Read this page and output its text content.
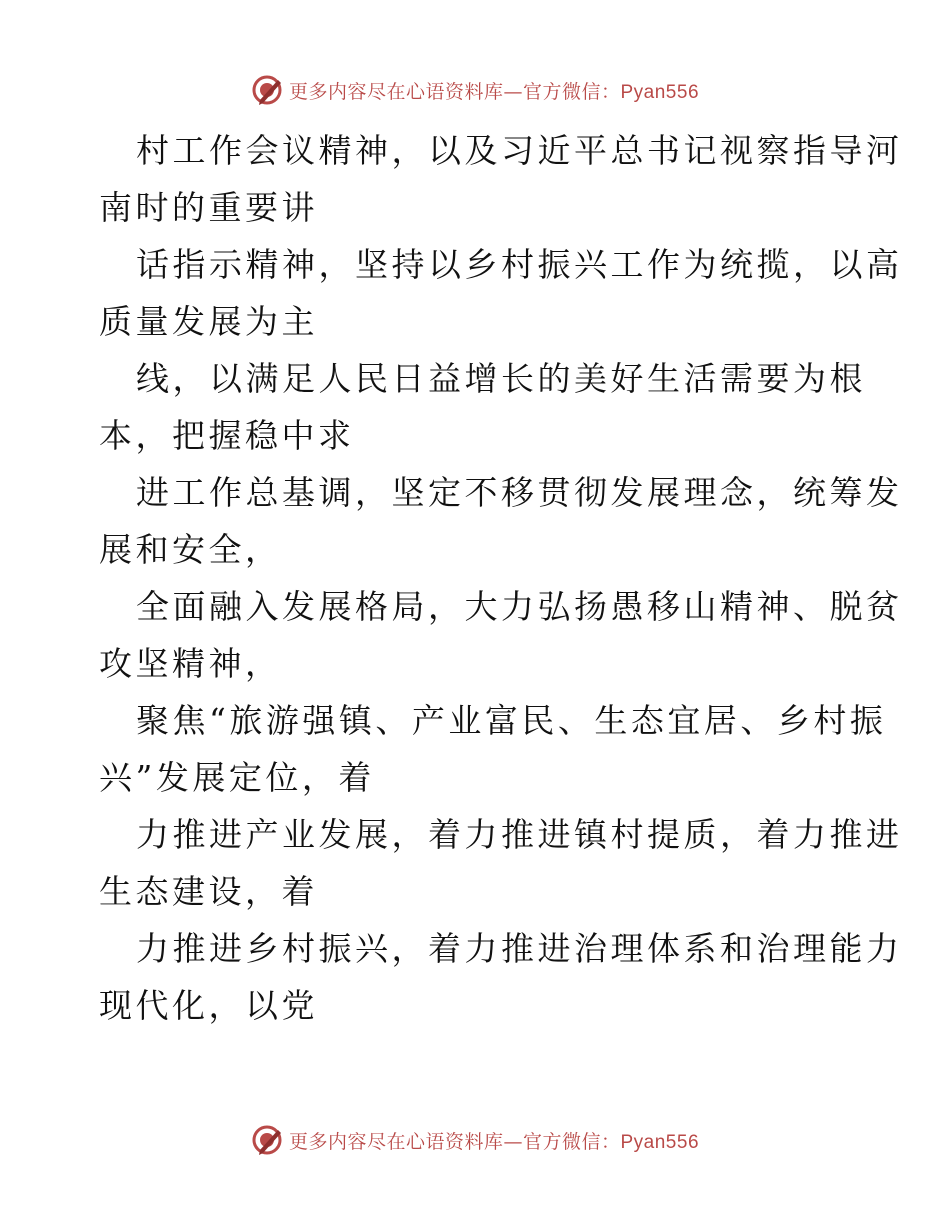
更多内容尽在心语资料库—官方微信：Pyan556
村工作会议精神，以及习近平总书记视察指导河
南时的重要讲
话指示精神，坚持以乡村振兴工作为统揽，以高
质量发展为主
线，以满足人民日益增长的美好生活需要为根
本，把握稳中求
进工作总基调，坚定不移贯彻发展理念，统筹发
展和安全，
全面融入发展格局，大力弘扬愚移山精神、脱贫
攻坚精神，
聚焦“旅游强镇、产业富民、生态宜居、乡村振
兴”发展定位，着
力推进产业发展，着力推进镇村提质，着力推进
生态建设，着
力推进乡村振兴，着力推进治理体系和治理能力
现代化，以党
更多内容尽在心语资料库—官方微信：Pyan556
